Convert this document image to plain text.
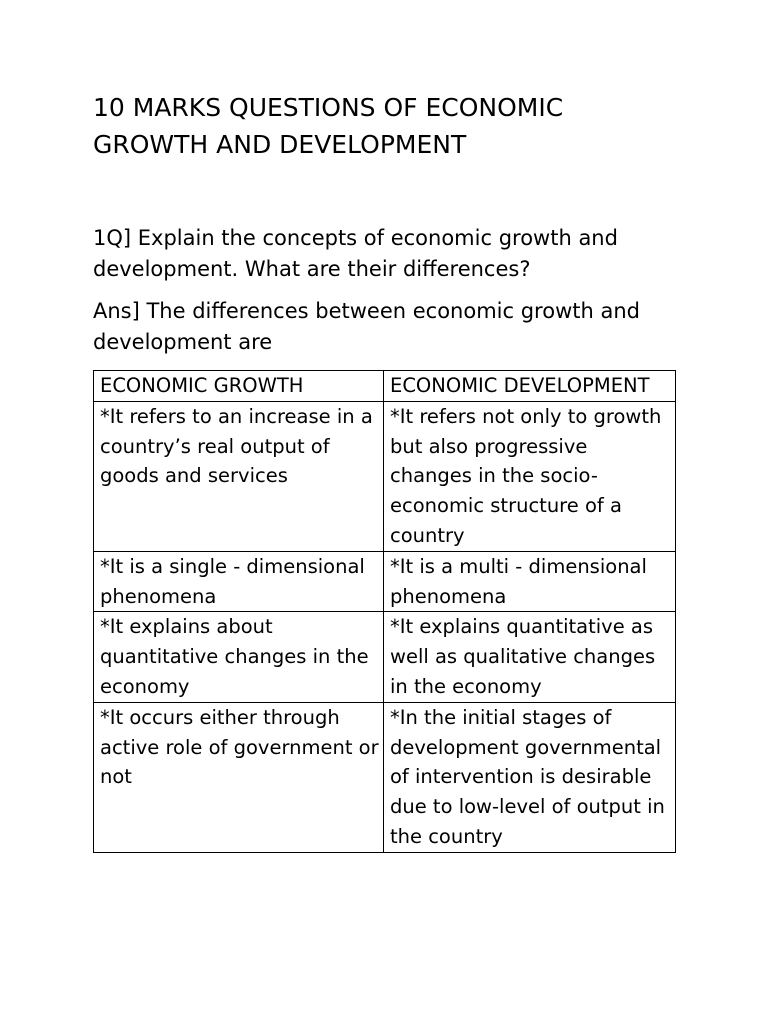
10 MARKS QUESTIONS OF ECONOMIC GROWTH AND DEVELOPMENT

1Q] Explain the concepts of economic growth and development. What are their differences?

Ans] The differences between economic growth and development are

ECONOMIC GROWTH	ECONOMIC DEVELOPMENT
*It refers to an increase in a country’s real output of goods and services	*It refers not only to growth but also progressive changes in the socio-economic structure of a country
*It is a single - dimensional phenomena	*It is a multi - dimensional phenomena
*It explains about quantitative changes in the economy	*It explains quantitative as well as qualitative changes in the economy
*It occurs either through active role of government or not	*In the initial stages of development governmental of intervention is desirable due to low-level of output in the country
